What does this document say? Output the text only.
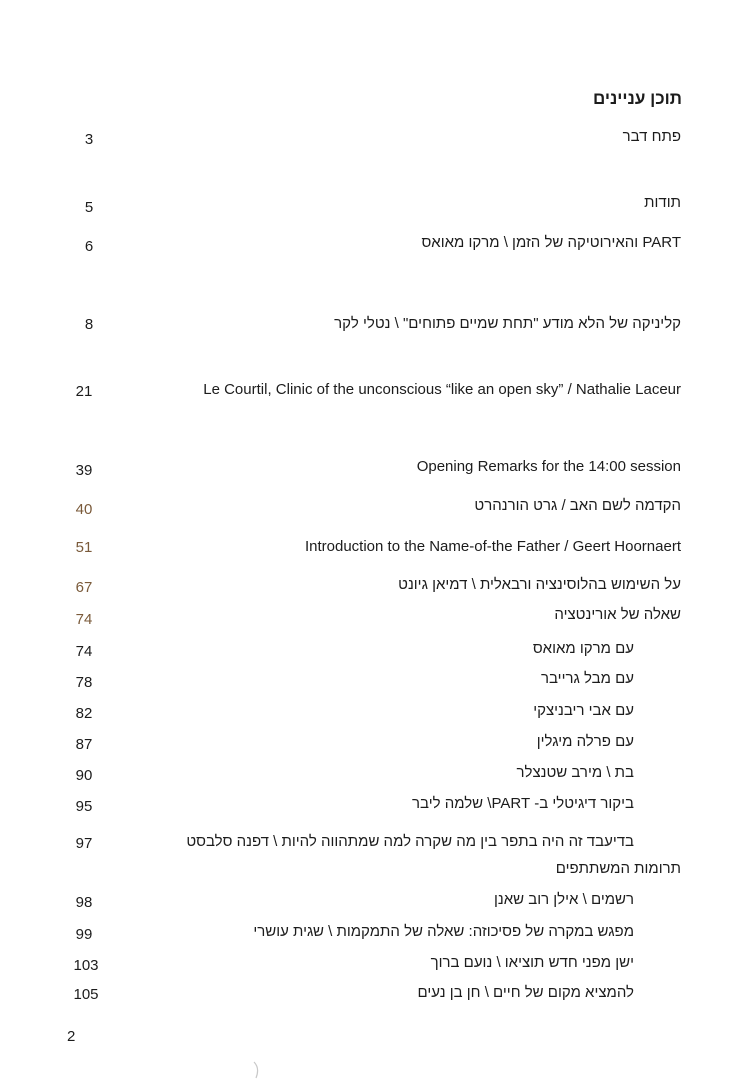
תוכן עניינים
פתח דבר
3
תודות
5
PART והאירוטיקה של הזמן \ מרקו מאואס
6
קליניקה של הלא מודע "תחת שמיים פתוחים" \ נטלי לקר
8
Le Courtil, Clinic of the unconscious “like an open sky” / Nathalie Laceur
21
Opening Remarks for the 14:00 session
39
הקדמה לשם האב / גרט הורנהרט
40
Introduction to the Name-of-the Father / Geert Hoornaert
51
על השימוש בהלוסינציה ורבאלית \ דמיאן גיונט
67
שאלה של אורינטציה
74
עם מרקו מאואס
74
עם מבל גרייבר
78
עם אבי ריבניצקי
82
עם פרלה מיגלין
87
בת \ מירב שטנצלר
90
ביקור דיגיטלי ב- PART\ שלמה ליבר
95
בדיעבד זה היה בתפר בין מה שקרה למה שמתהווה להיות \ דפנה סלבסט
97
תרומות המשתתפים
רשמים \ אילן רוב שאנן
98
מפגש במקרה של פסיכוזה: שאלה של התמקמות \ שגית עושרי
99
ישן מפני חדש תוציאו \ נועם ברוך
103
להמציא מקום של חיים \ חן בן נעים
105
2
